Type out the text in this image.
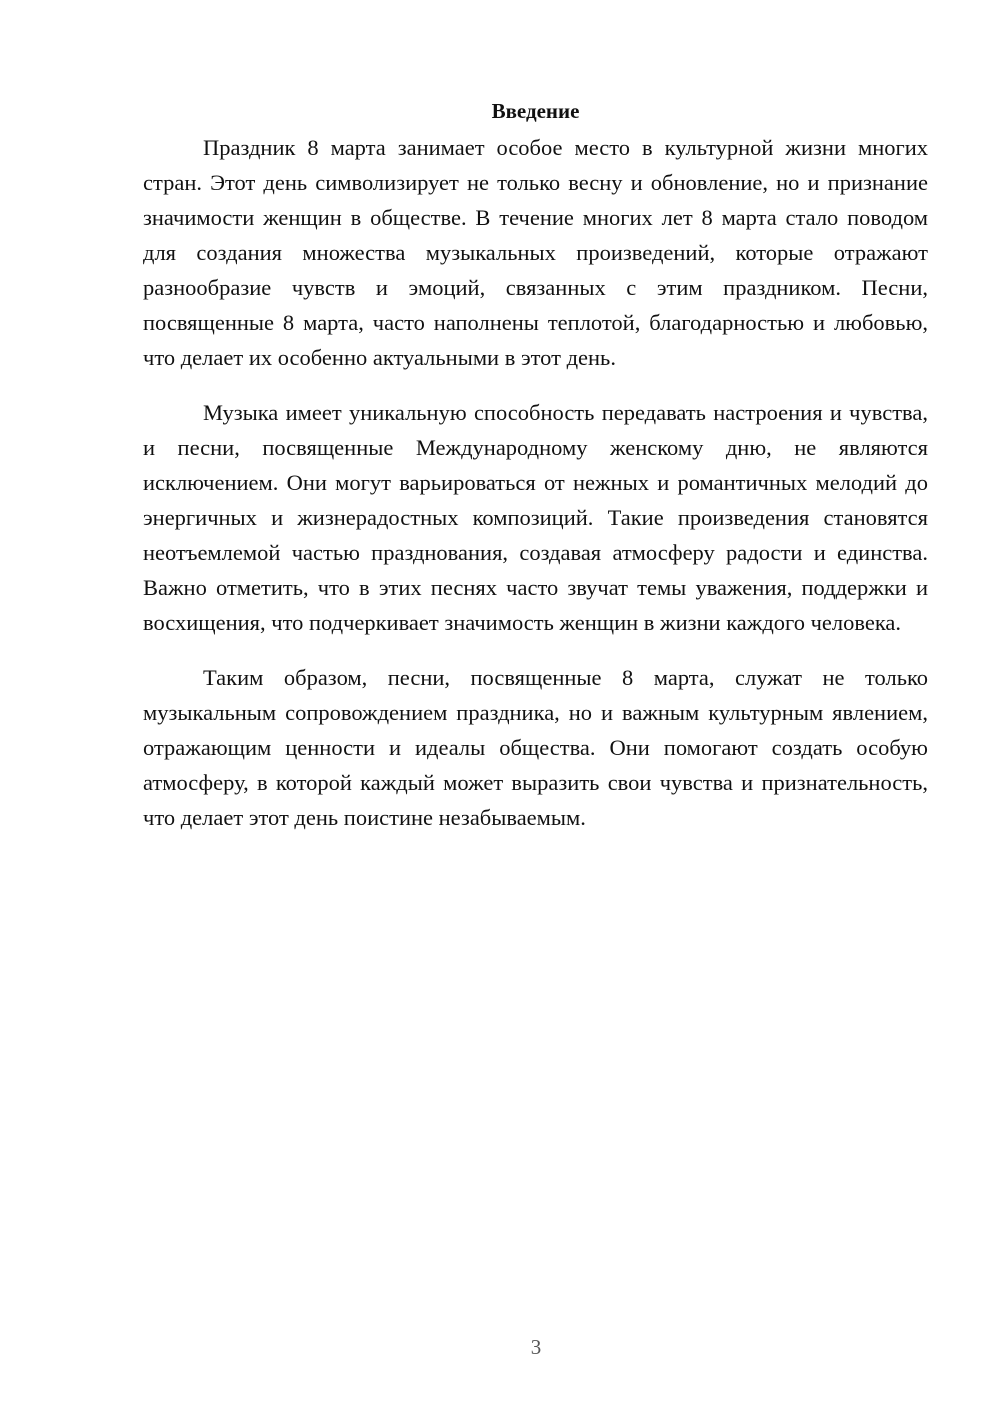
Введение

Праздник 8 марта занимает особое место в культурной жизни многих стран. Этот день символизирует не только весну и обновление, но и признание значимости женщин в обществе. В течение многих лет 8 марта стало поводом для создания множества музыкальных произведений, которые отражают разнообразие чувств и эмоций, связанных с этим праздником. Песни, посвященные 8 марта, часто наполнены теплотой, благодарностью и любовью, что делает их особенно актуальными в этот день.

Музыка имеет уникальную способность передавать настроения и чувства, и песни, посвященные Международному женскому дню, не являются исключением. Они могут варьироваться от нежных и романтичных мелодий до энергичных и жизнерадостных композиций. Такие произведения становятся неотъемлемой частью празднования, создавая атмосферу радости и единства. Важно отметить, что в этих песнях часто звучат темы уважения, поддержки и восхищения, что подчеркивает значимость женщин в жизни каждого человека.

Таким образом, песни, посвященные 8 марта, служат не только музыкальным сопровождением праздника, но и важным культурным явлением, отражающим ценности и идеалы общества. Они помогают создать особую атмосферу, в которой каждый может выразить свои чувства и признательность, что делает этот день поистине незабываемым.

3
